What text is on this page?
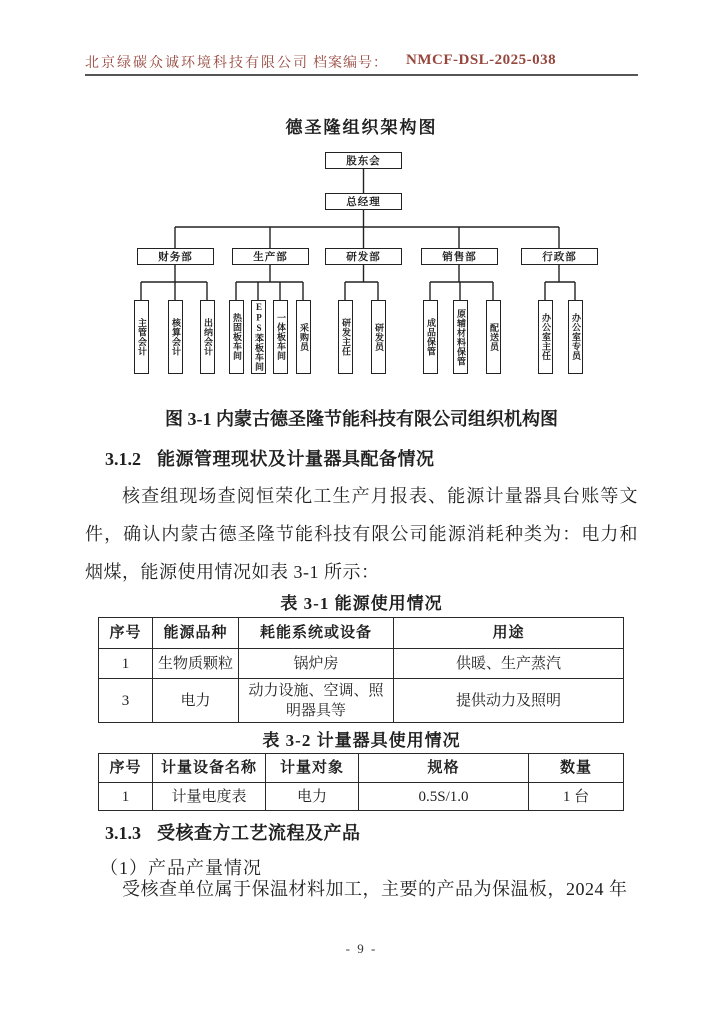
北京绿碳众诚环境科技有限公司 档案编号： NMCF-DSL-2025-038
德圣隆组织架构图
股东会
总经理
财务部	生产部	研发部	销售部	行政部
主管会计	核算会计	出纳会计	热固板车间	EPS苯板车间	一体板车间	采购员	研发主任	研发员	成品保管	原辅材料保管	配送员	办公室主任	办公室专员
图 3-1 内蒙古德圣隆节能科技有限公司组织机构图
3.1.2 能源管理现状及计量器具配备情况
核查组现场查阅恒荣化工生产月报表、能源计量器具台账等文件，确认内蒙古德圣隆节能科技有限公司能源消耗种类为：电力和烟煤，能源使用情况如表 3-1 所示：
表 3-1 能源使用情况
序号	能源品种	耗能系统或设备	用途
1	生物质颗粒	锅炉房	供暖、生产蒸汽
3	电力	动力设施、空调、照明器具等	提供动力及照明
表 3-2 计量器具使用情况
序号	计量设备名称	计量对象	规格	数量
1	计量电度表	电力	0.5S/1.0	1 台
3.1.3 受核查方工艺流程及产品
（1）产品产量情况
受核查单位属于保温材料加工，主要的产品为保温板，2024 年
- 9 -
